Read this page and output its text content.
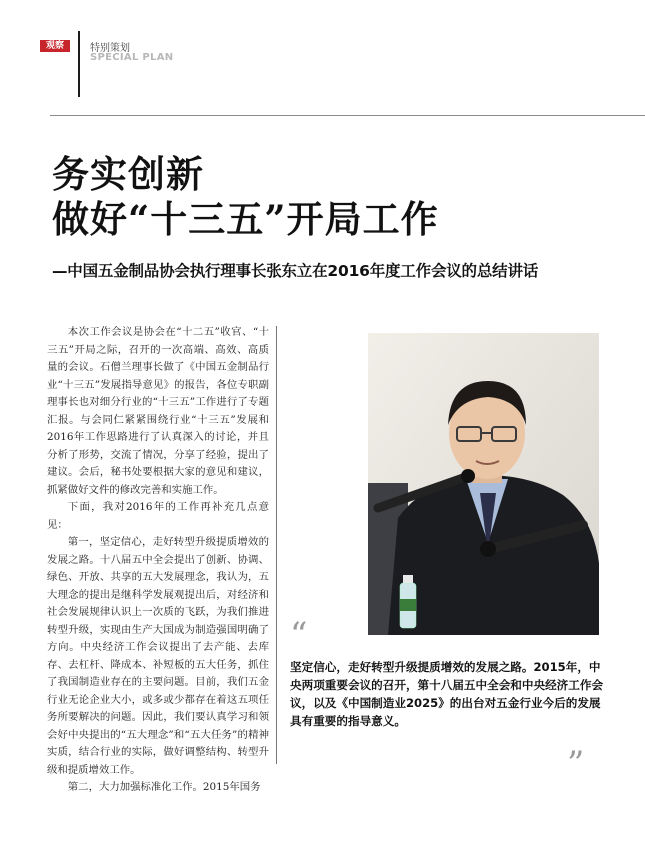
观察	特别策划
SPECIAL PLAN
务实创新
做好“十三五”开局工作
—中国五金制品协会执行理事长张东立在2016年度工作会议的总结讲话

本次工作会议是协会在“十二五”收官、“十三五”开局之际，召开的一次高端、高效、高质量的会议。石僧兰理事长做了《中国五金制品行业“十三五”发展指导意见》的报告，各位专职副理事长也对细分行业的“十三五”工作进行了专题汇报。与会同仁紧紧围绕行业“十三五”发展和2016年工作思路进行了认真深入的讨论，并且分析了形势，交流了情况，分享了经验，提出了建议。会后，秘书处要根据大家的意见和建议，抓紧做好文件的修改完善和实施工作。

下面，我对2016年的工作再补充几点意见：

第一，坚定信心，走好转型升级提质增效的发展之路。十八届五中全会提出了创新、协调、绿色、开放、共享的五大发展理念，我认为，五大理念的提出是继科学发展观提出后，对经济和社会发展规律认识上一次质的飞跃，为我们推进转型升级，实现由生产大国成为制造强国明确了方向。中央经济工作会议提出了去产能、去库存、去杠杆、降成本、补短板的五大任务，抓住了我国制造业存在的主要问题。目前，我们五金行业无论企业大小，或多或少都存在着这五项任务所要解决的问题。因此，我们要认真学习和领会好中央提出的“五大理念”和“五大任务”的精神实质，结合行业的实际，做好调整结构、转型升级和提质增效工作。

第二，大力加强标准化工作。2015年国务

“
坚定信心，走好转型升级提质增效的发展之路。2015年，中央两项重要会议的召开，第十八届五中全会和中央经济工作会议，以及《中国制造业2025》的出台对五金行业今后的发展具有重要的指导意义。
”
